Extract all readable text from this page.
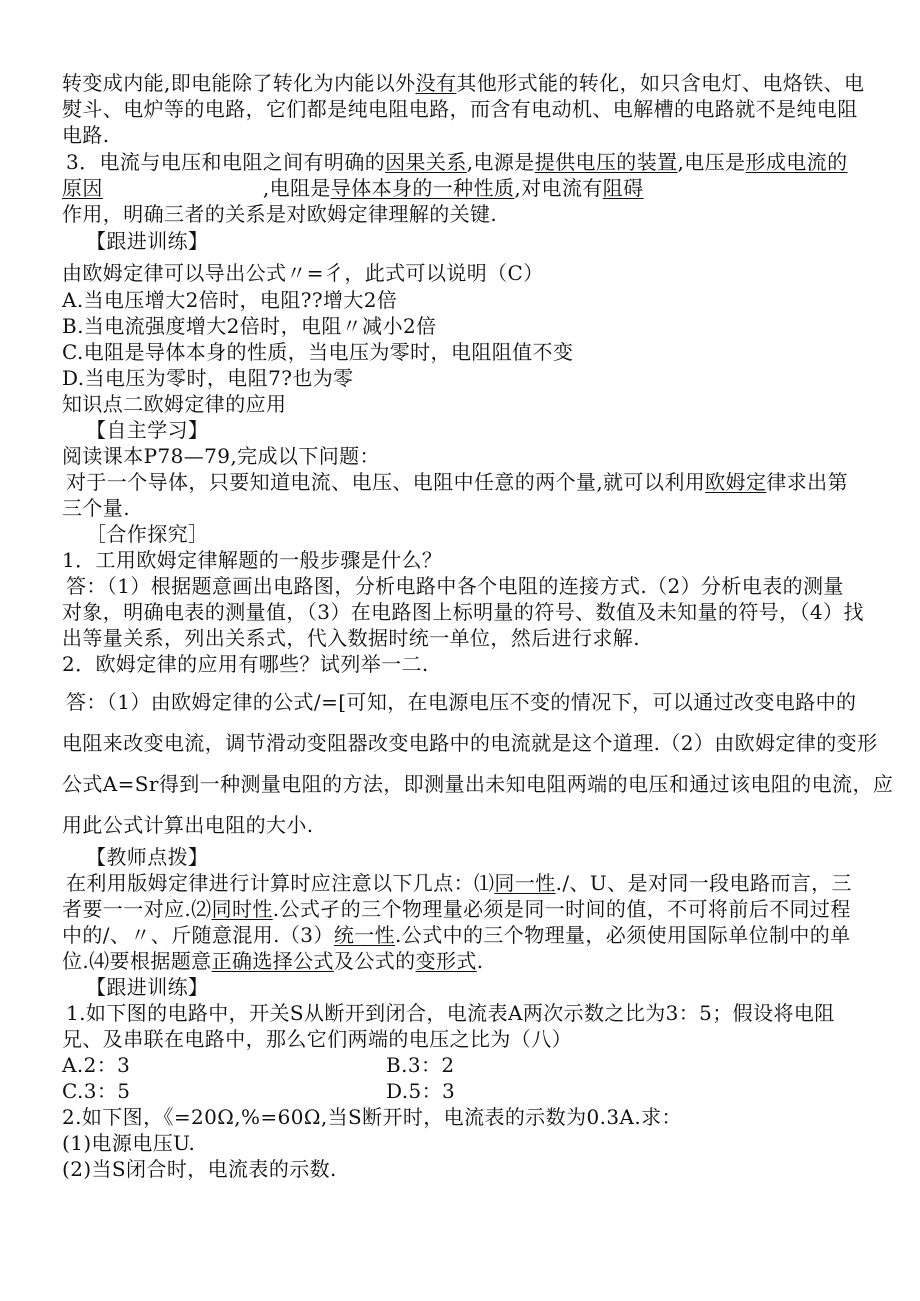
转变成内能,即电能除了转化为内能以外没有其他形式能的转化，如只含电灯、电烙铁、电
熨斗、电炉等的电路，它们都是纯电阻电路，而含有电动机、电解槽的电路就不是纯电阻
电路.
3．电流与电压和电阻之间有明确的因果关系,电源是提供电压的装置,电压是形成电流的
原因	,电阻是导体本身的一种性质,对电流有阻碍
作用，明确三者的关系是对欧姆定律理解的关键.
【跟进训练】
由欧姆定律可以导出公式〃=彳，此式可以说明（C）
A.当电压增大2倍时，电阻??增大2倍
B.当电流强度增大2倍时，电阻〃减小2倍
C.电阻是导体本身的性质，当电压为零时，电阻阻值不变
D.当电压为零时，电阻7?也为零
知识点二欧姆定律的应用
【自主学习】
阅读课本P78—79,完成以下问题：
对于一个导体，只要知道电流、电压、电阻中任意的两个量,就可以利用欧姆定律求出第
三个量.
［合作探究］
1．工用欧姆定律解题的一般步骤是什么？
答：（1）根据题意画出电路图，分析电路中各个电阻的连接方式.（2）分析电表的测量
对象，明确电表的测量值，（3）在电路图上标明量的符号、数值及未知量的符号，（4）找
出等量关系，列出关系式，代入数据时统一单位，然后进行求解.
2．欧姆定律的应用有哪些？试列举一二.
答：（1）由欧姆定律的公式/=[可知，在电源电压不变的情况下，可以通过改变电路中的
电阻来改变电流，调节滑动变阻器改变电路中的电流就是这个道理.（2）由欧姆定律的变形
公式A=Sr得到一种测量电阻的方法，即测量出未知电阻两端的电压和通过该电阻的电流，应
用此公式计算出电阻的大小.
【教师点拨】
在利用版姆定律进行计算时应注意以下几点：⑴同一性./、U、是对同一段电路而言，三
者要一一对应.⑵同时性.公式孑的三个物理量必须是同一时间的值，不可将前后不同过程
中的/、〃、斤随意混用.（3）统一性.公式中的三个物理量，必须使用国际单位制中的单
位.⑷要根据题意正确选择公式及公式的变形式.
【跟进训练】
1.如下图的电路中，开关S从断开到闭合，电流表A两次示数之比为3：5；假设将电阻
兄、及串联在电路中，那么它们两端的电压之比为（八）
A.2：3	B.3：2
C.3：5	D.5：3
2.如下图，《=20Ω,%=60Ω,当S断开时，电流表的示数为0.3A.求：
(1)电源电压U.
(2)当S闭合时，电流表的示数.
